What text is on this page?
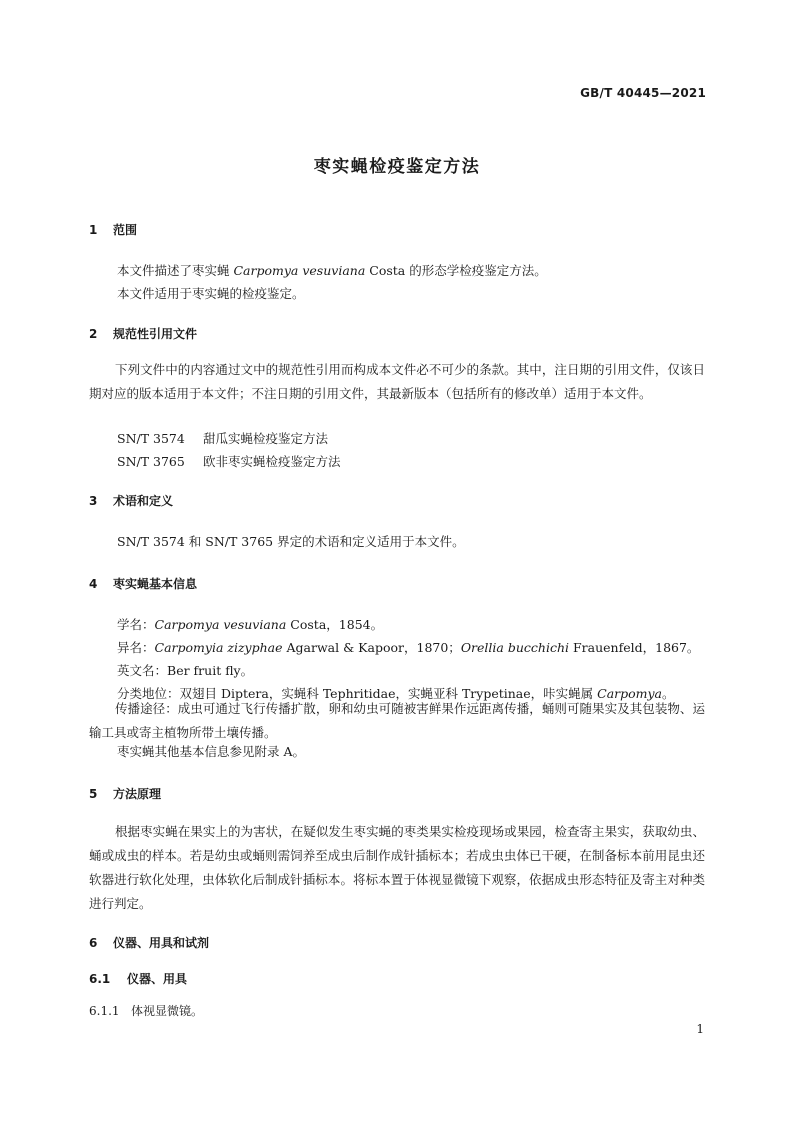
GB/T 40445—2021
枣实蝇检疫鉴定方法
1 范围
本文件描述了枣实蝇 Carpomya vesuviana Costa 的形态学检疫鉴定方法。
本文件适用于枣实蝇的检疫鉴定。
2 规范性引用文件
下列文件中的内容通过文中的规范性引用而构成本文件必不可少的条款。其中，注日期的引用文件，仅该日期对应的版本适用于本文件；不注日期的引用文件，其最新版本（包括所有的修改单）适用于本文件。
SN/T 3574 甜瓜实蝇检疫鉴定方法
SN/T 3765 欧非枣实蝇检疫鉴定方法
3 术语和定义
SN/T 3574 和 SN/T 3765 界定的术语和定义适用于本文件。
4 枣实蝇基本信息
学名：Carpomya vesuviana Costa，1854。
异名：Carpomyia zizyphae Agarwal & Kapoor，1870；Orellia bucchichi Frauenfeld，1867。
英文名：Ber fruit fly。
分类地位：双翅目 Diptera，实蝇科 Tephritidae，实蝇亚科 Trypetinae，咔实蝇属 Carpomya。
传播途径：成虫可通过飞行传播扩散，卵和幼虫可随被害鲜果作远距离传播，蛹则可随果实及其包装物、运输工具或寄主植物所带土壤传播。
枣实蝇其他基本信息参见附录 A。
5 方法原理
根据枣实蝇在果实上的为害状，在疑似发生枣实蝇的枣类果实检疫现场或果园，检查寄主果实，获取幼虫、蛹或成虫的样本。若是幼虫或蛹则需饲养至成虫后制作成针插标本；若成虫虫体已干硬，在制备标本前用昆虫还软器进行软化处理，虫体软化后制成针插标本。将标本置于体视显微镜下观察，依据成虫形态特征及寄主对种类进行判定。
6 仪器、用具和试剂
6.1 仪器、用具
6.1.1 体视显微镜。
1
